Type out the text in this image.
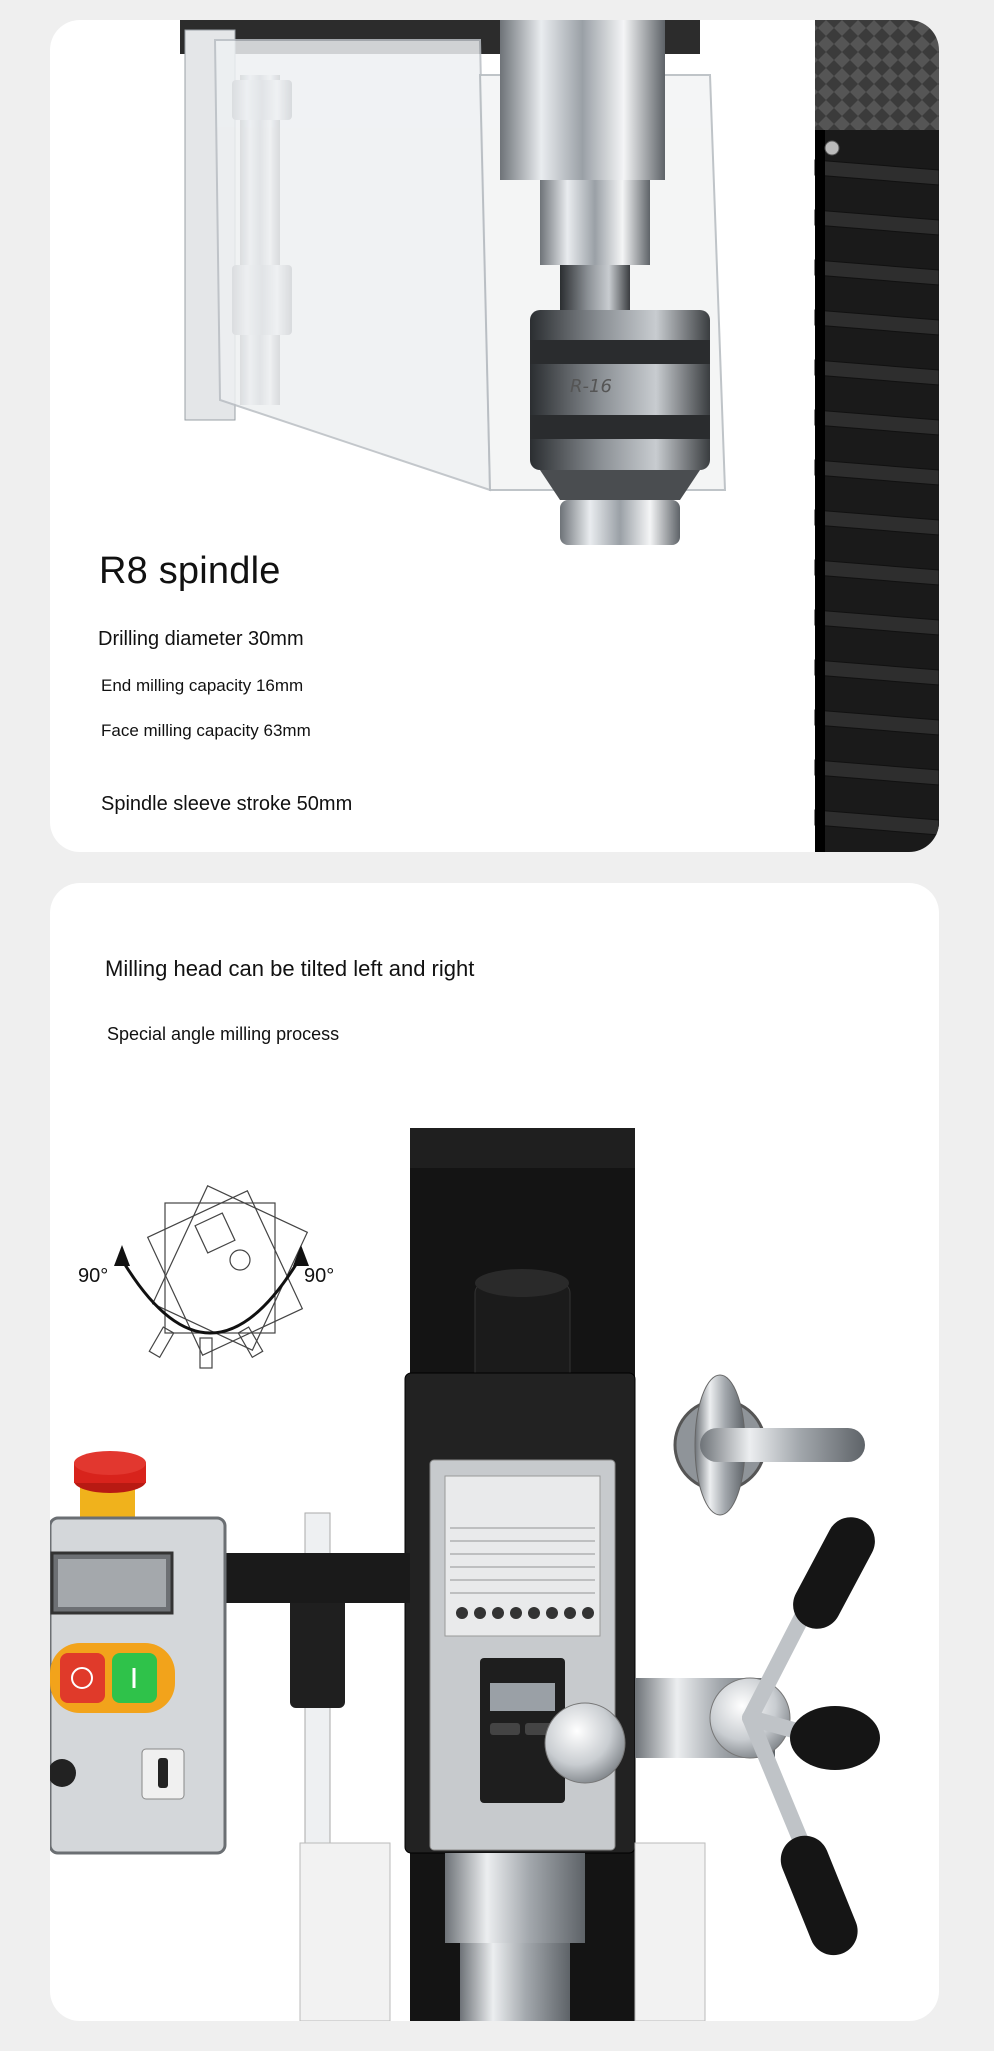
R-16
R8 spindle

Drilling diameter 30mm

End milling capacity 16mm

Face milling capacity 63mm

Spindle sleeve stroke 50mm

Milling head can be tilted left and right

Special angle milling process

90°	90°
